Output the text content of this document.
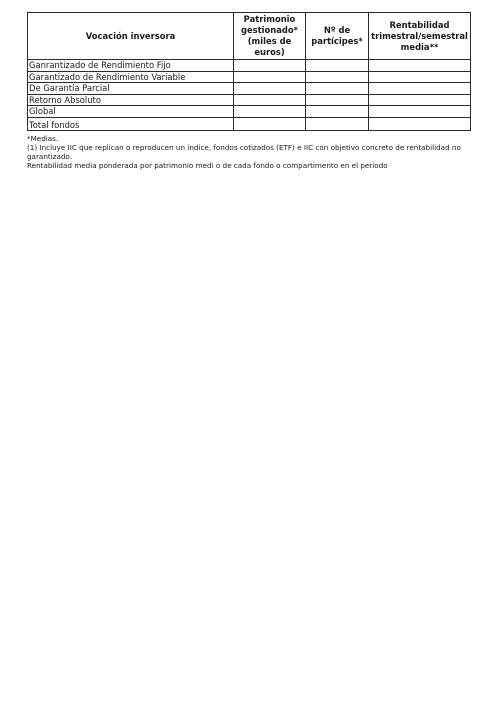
Vocación inversora	Patrimonio gestionado* (miles de euros)	Nº de partícipes*	Rentabilidad trimestral/semestral media**
Ganrantizado de Rendimiento Fijo			
Garantizado de Rendimiento Variable			
De Garantía Parcial			
Retorno Absoluto			
Global			
Total fondos			

*Medias.

(1) Incluye IIC que replican o reproducen un índice, fondos cotizados (ETF) e IIC con objetivo concreto de rentabilidad no garantizado.

Rentabilidad media ponderada por patrimonio medi o de cada fondo o compartimento en el período
